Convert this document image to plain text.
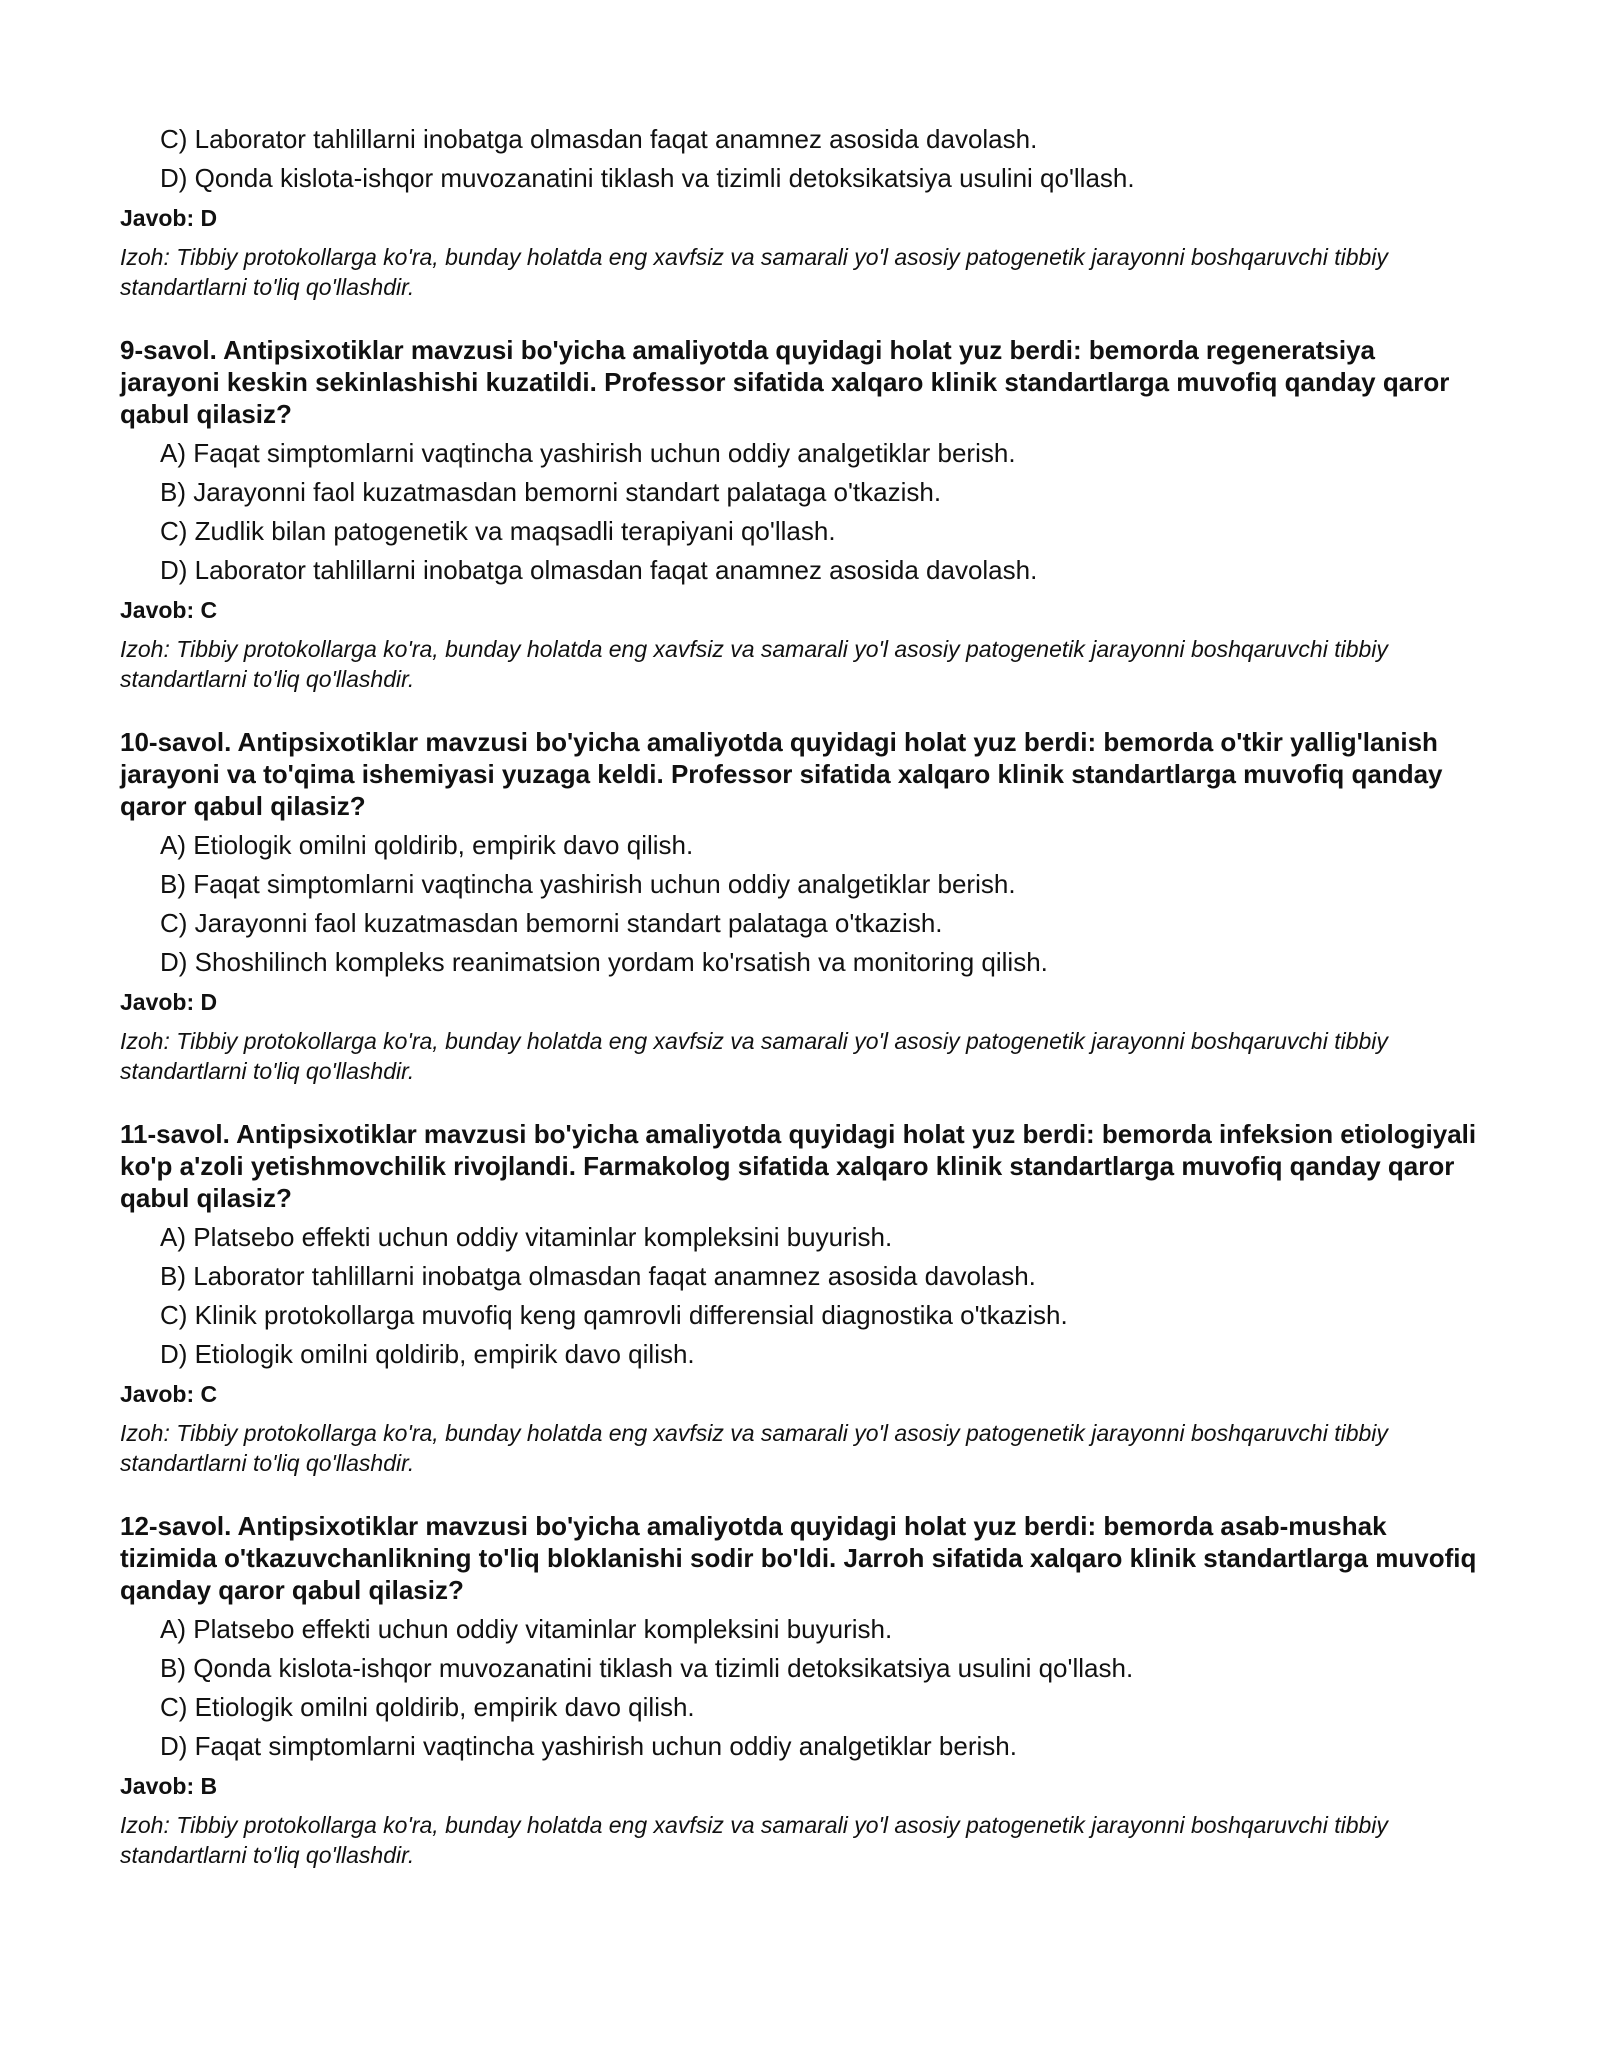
C) Laborator tahlillarni inobatga olmasdan faqat anamnez asosida davolash.
D) Qonda kislota-ishqor muvozanatini tiklash va tizimli detoksikatsiya usulini qo'llash.
Javob: D
Izoh: Tibbiy protokollarga ko'ra, bunday holatda eng xavfsiz va samarali yo'l asosiy patogenetik jarayonni boshqaruvchi tibbiy standartlarni to'liq qo'llashdir.
9-savol. Antipsixotiklar mavzusi bo'yicha amaliyotda quyidagi holat yuz berdi: bemorda regeneratsiya jarayoni keskin sekinlashishi kuzatildi. Professor sifatida xalqaro klinik standartlarga muvofiq qanday qaror qabul qilasiz?
A) Faqat simptomlarni vaqtincha yashirish uchun oddiy analgetiklar berish.
B) Jarayonni faol kuzatmasdan bemorni standart palataga o'tkazish.
C) Zudlik bilan patogenetik va maqsadli terapiyani qo'llash.
D) Laborator tahlillarni inobatga olmasdan faqat anamnez asosida davolash.
Javob: C
Izoh: Tibbiy protokollarga ko'ra, bunday holatda eng xavfsiz va samarali yo'l asosiy patogenetik jarayonni boshqaruvchi tibbiy standartlarni to'liq qo'llashdir.
10-savol. Antipsixotiklar mavzusi bo'yicha amaliyotda quyidagi holat yuz berdi: bemorda o'tkir yallig'lanish jarayoni va to'qima ishemiyasi yuzaga keldi. Professor sifatida xalqaro klinik standartlarga muvofiq qanday qaror qabul qilasiz?
A) Etiologik omilni qoldirib, empirik davo qilish.
B) Faqat simptomlarni vaqtincha yashirish uchun oddiy analgetiklar berish.
C) Jarayonni faol kuzatmasdan bemorni standart palataga o'tkazish.
D) Shoshilinch kompleks reanimatsion yordam ko'rsatish va monitoring qilish.
Javob: D
Izoh: Tibbiy protokollarga ko'ra, bunday holatda eng xavfsiz va samarali yo'l asosiy patogenetik jarayonni boshqaruvchi tibbiy standartlarni to'liq qo'llashdir.
11-savol. Antipsixotiklar mavzusi bo'yicha amaliyotda quyidagi holat yuz berdi: bemorda infeksion etiologiyali ko'p a'zoli yetishmovchilik rivojlandi. Farmakolog sifatida xalqaro klinik standartlarga muvofiq qanday qaror qabul qilasiz?
A) Platsebo effekti uchun oddiy vitaminlar kompleksini buyurish.
B) Laborator tahlillarni inobatga olmasdan faqat anamnez asosida davolash.
C) Klinik protokollarga muvofiq keng qamrovli differensial diagnostika o'tkazish.
D) Etiologik omilni qoldirib, empirik davo qilish.
Javob: C
Izoh: Tibbiy protokollarga ko'ra, bunday holatda eng xavfsiz va samarali yo'l asosiy patogenetik jarayonni boshqaruvchi tibbiy standartlarni to'liq qo'llashdir.
12-savol. Antipsixotiklar mavzusi bo'yicha amaliyotda quyidagi holat yuz berdi: bemorda asab-mushak tizimida o'tkazuvchanlikning to'liq bloklanishi sodir bo'ldi. Jarroh sifatida xalqaro klinik standartlarga muvofiq qanday qaror qabul qilasiz?
A) Platsebo effekti uchun oddiy vitaminlar kompleksini buyurish.
B) Qonda kislota-ishqor muvozanatini tiklash va tizimli detoksikatsiya usulini qo'llash.
C) Etiologik omilni qoldirib, empirik davo qilish.
D) Faqat simptomlarni vaqtincha yashirish uchun oddiy analgetiklar berish.
Javob: B
Izoh: Tibbiy protokollarga ko'ra, bunday holatda eng xavfsiz va samarali yo'l asosiy patogenetik jarayonni boshqaruvchi tibbiy standartlarni to'liq qo'llashdir.
